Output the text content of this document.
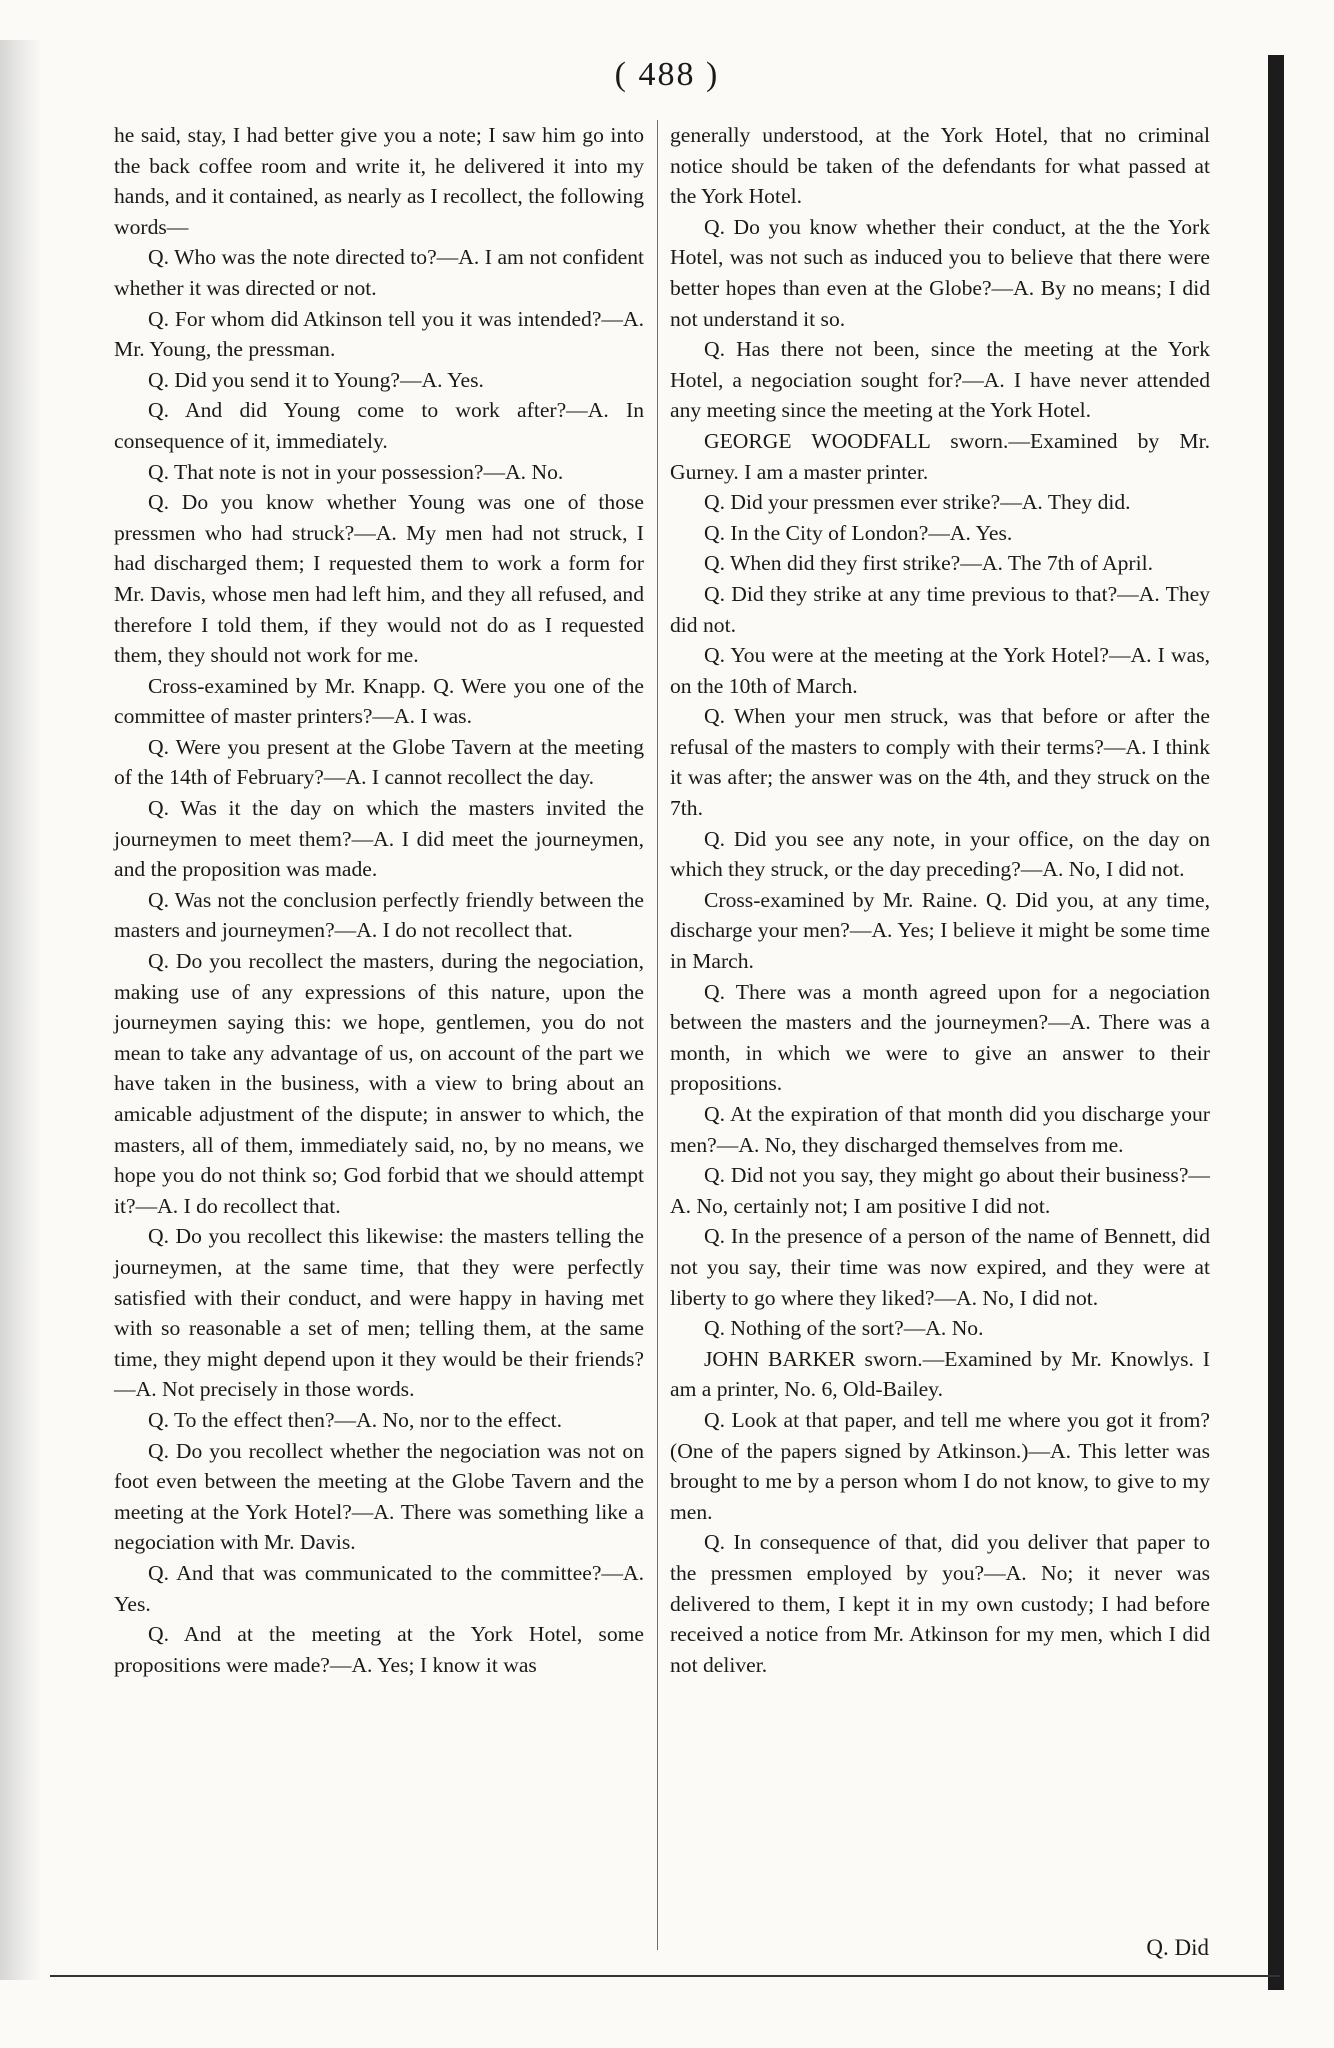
( 488 )

he said, stay, I had better give you a note; I saw him go into the back coffee room and write it, he delivered it into my hands, and it contained, as nearly as I recollect, the following words—

Q. Who was the note directed to?—A. I am not confident whether it was directed or not.

Q. For whom did Atkinson tell you it was intended?—A. Mr. Young, the pressman.

Q. Did you send it to Young?—A. Yes.

Q. And did Young come to work after?—A. In consequence of it, immediately.

Q. That note is not in your possession?—A. No.

Q. Do you know whether Young was one of those pressmen who had struck?—A. My men had not struck, I had discharged them; I requested them to work a form for Mr. Davis, whose men had left him, and they all refused, and therefore I told them, if they would not do as I requested them, they should not work for me.

Cross-examined by Mr. Knapp. Q. Were you one of the committee of master printers?—A. I was.

Q. Were you present at the Globe Tavern at the meeting of the 14th of February?—A. I cannot recollect the day.

Q. Was it the day on which the masters invited the journeymen to meet them?—A. I did meet the journeymen, and the proposition was made.

Q. Was not the conclusion perfectly friendly between the masters and journeymen?—A. I do not recollect that.

Q. Do you recollect the masters, during the negociation, making use of any expressions of this nature, upon the journeymen saying this: we hope, gentlemen, you do not mean to take any advantage of us, on account of the part we have taken in the business, with a view to bring about an amicable adjustment of the dispute; in answer to which, the masters, all of them, immediately said, no, by no means, we hope you do not think so; God forbid that we should attempt it?—A. I do recollect that.

Q. Do you recollect this likewise: the masters telling the journeymen, at the same time, that they were perfectly satisfied with their conduct, and were happy in having met with so reasonable a set of men; telling them, at the same time, they might depend upon it they would be their friends?—A. Not precisely in those words.

Q. To the effect then?—A. No, nor to the effect.

Q. Do you recollect whether the negociation was not on foot even between the meeting at the Globe Tavern and the meeting at the York Hotel?—A. There was something like a negociation with Mr. Davis.

Q. And that was communicated to the committee?—A. Yes.

Q. And at the meeting at the York Hotel, some propositions were made?—A. Yes; I know it was

generally understood, at the York Hotel, that no criminal notice should be taken of the defendants for what passed at the York Hotel.

Q. Do you know whether their conduct, at the the York Hotel, was not such as induced you to believe that there were better hopes than even at the Globe?—A. By no means; I did not understand it so.

Q. Has there not been, since the meeting at the York Hotel, a negociation sought for?—A. I have never attended any meeting since the meeting at the York Hotel.

GEORGE WOODFALL sworn.—Examined by Mr. Gurney. I am a master printer.

Q. Did your pressmen ever strike?—A. They did.

Q. In the City of London?—A. Yes.

Q. When did they first strike?—A. The 7th of April.

Q. Did they strike at any time previous to that?—A. They did not.

Q. You were at the meeting at the York Hotel?—A. I was, on the 10th of March.

Q. When your men struck, was that before or after the refusal of the masters to comply with their terms?—A. I think it was after; the answer was on the 4th, and they struck on the 7th.

Q. Did you see any note, in your office, on the day on which they struck, or the day preceding?—A. No, I did not.

Cross-examined by Mr. Raine. Q. Did you, at any time, discharge your men?—A. Yes; I believe it might be some time in March.

Q. There was a month agreed upon for a negociation between the masters and the journeymen?—A. There was a month, in which we were to give an answer to their propositions.

Q. At the expiration of that month did you discharge your men?—A. No, they discharged themselves from me.

Q. Did not you say, they might go about their business?—A. No, certainly not; I am positive I did not.

Q. In the presence of a person of the name of Bennett, did not you say, their time was now expired, and they were at liberty to go where they liked?—A. No, I did not.

Q. Nothing of the sort?—A. No.

JOHN BARKER sworn.—Examined by Mr. Knowlys. I am a printer, No. 6, Old-Bailey.

Q. Look at that paper, and tell me where you got it from? (One of the papers signed by Atkinson.)—A. This letter was brought to me by a person whom I do not know, to give to my men.

Q. In consequence of that, did you deliver that paper to the pressmen employed by you?—A. No; it never was delivered to them, I kept it in my own custody; I had before received a notice from Mr. Atkinson for my men, which I did not deliver.

Q. Did
